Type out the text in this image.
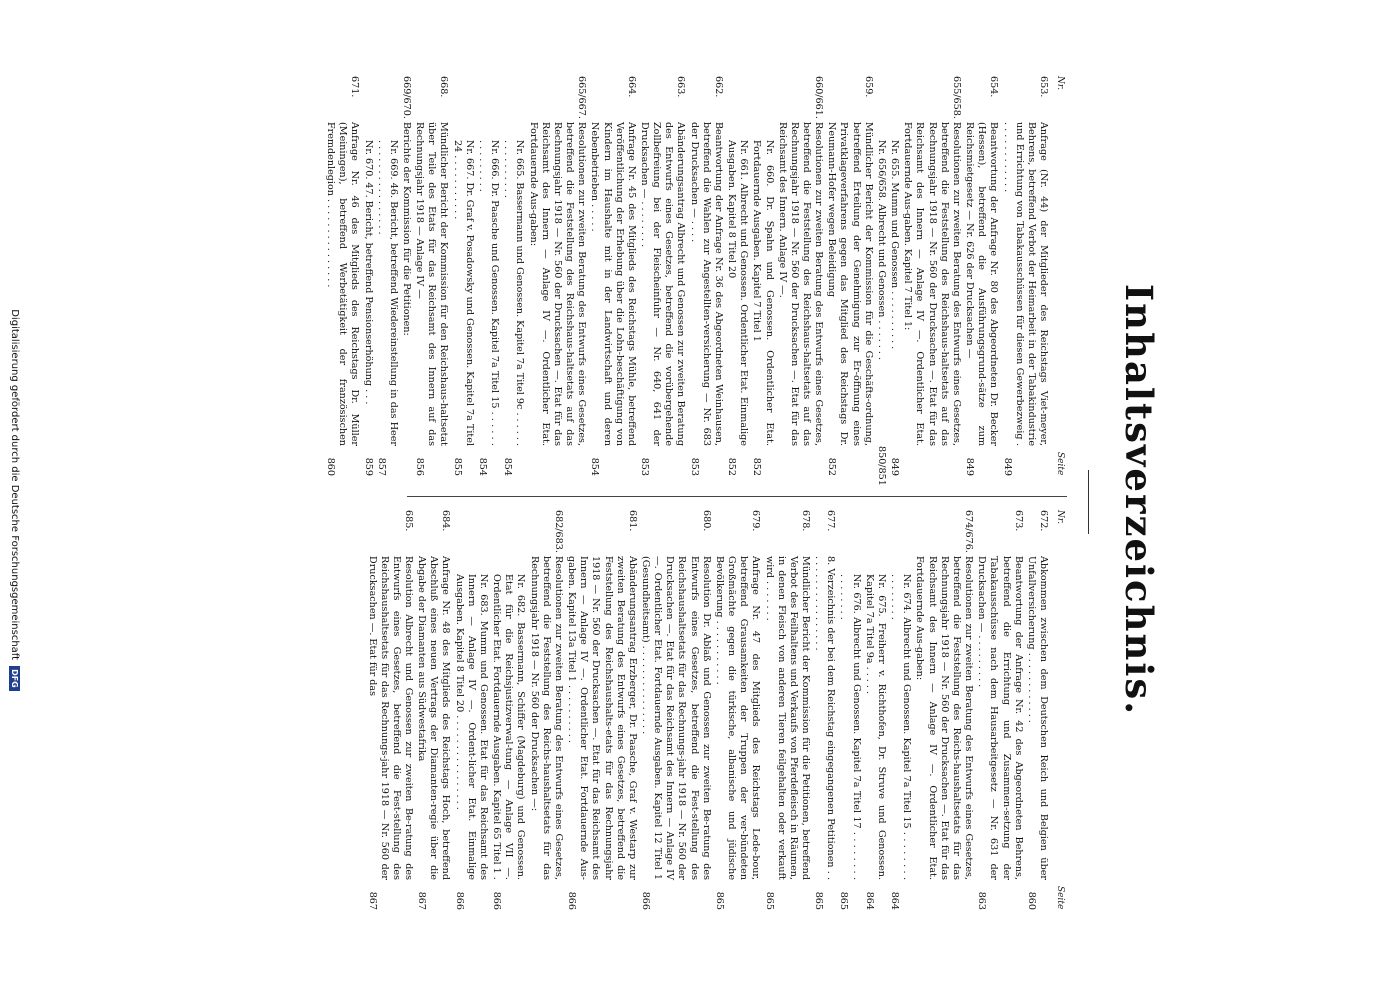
Inhaltsverzeichnis.
Nr.
Seite
Nr.
Seite
653.
Anfrage (Nr. 44) der Mitglieder des Reichstags Viet-meyer, Behrens, betreffend Verbot der Heimarbeit in der Tabakindustrie und Errichtung von Tabakausschüssen für diesen Gewerbezweig . . . . . . . . . . . . .
849
654.
Beantwortung der Anfrage Nr. 80 des Abgeordneten Dr. Becker (Hessen), betreffend die Ausführungsgrund-sätze zum Reichsmietgesetz — Nr. 626 der Drucksachen —
849
655/658.
Resolutionen zur zweiten Beratung des Entwurfs eines Gesetzes, betreffend die Feststellung des Reichshaus-haltsetats auf das Rechnungsjahr 1918 — Nr. 560 der Drucksachen —. Etat für das Reichsamt des Innern — Anlage IV —. Ordentlicher Etat. Fortdauernde Aus-gaben. Kapitel 7 Titel 1:
Nr. 655. Mumm und Genossen . . . . . . . . . .
849
Nr. 656/658. Albrecht und Genossen . . . . . . .
850/851
659.
Mündlicher Bericht der Kommission für die Geschäfts-ordnung, betreffend Erteilung der Genehmigung zur Er-öffnung eines Privatklageverfahrens gegen das Mitglied des Reichstags Dr. Neumann-Hofer wegen Beleidigung
852
660/661.
Resolutionen zur zweiten Beratung des Entwurfs eines Gesetzes, betreffend die Feststellung des Reichshaus-haltsetats auf das Rechnungsjahr 1918 — Nr. 560 der Drucksachen —. Etat für das Reichsamt des Innern. Anlage IV —.
Nr. 660. Dr. Spahn und Genossen. Ordentlicher Etat. Fortdauernde Ausgaben. Kapitel 7 Titel 1
852
Nr. 661. Albrecht und Genossen. Ordentlicher Etat. Einmalige Ausgaben. Kapitel 8 Titel 20
852
662.
Beantwortung der Anfrage Nr. 36 des Abgeordneten Weinhausen, betreffend die Wahlen zur Angestellten-versicherung — Nr. 683 der Drucksachen — . . . .
853
663.
Abänderungsantrag Albrecht und Genossen zur zweiten Beratung des Entwurfs eines Gesetzes, betreffend die vorübergehende Zollbefreiung bei der Fleischeinfuhr — Nr. 640, 641 der Drucksachen — . . . . . . . .
853
664.
Anfrage Nr. 45 des Mitglieds des Reichstags Mühle, betreffend Veröffentlichung der Erhebung über die Lohn-beschäftigung von Kindern im Haushalte mit in der Landwirtschaft und deren Nebenbetrieben . . . . .
854
665/667.
Resolutionen zur zweiten Beratung des Entwurfs eines Gesetzes, betreffend die Feststellung des Reichshaus-haltsetats auf das Rechnungsjahr 1918 — Nr. 560 der Drucksachen —. Etat für das Reichsamt des Innern — Anlage IV —. Ordentlicher Etat. Fortdauernde Aus-gaben:
Nr. 665. Bassermann und Genossen. Kapitel 7a Titel 9c . . . . . . . . . . . . . . . .
854
Nr. 666. Dr. Paasche und Genossen. Kapitel 7a Titel 15 . . . . . . . . . . . . . . .
854
Nr. 667. Dr. Graf v. Posadowsky und Genossen. Kapitel 7a Titel 24 . . . . . . . . . . .
855
668.
Mündlicher Bericht der Kommission für den Reichshaus-haltsetat über Teile des Etats für das Reichsamt des Innern auf das Rechnungsjahr 1918 — Anlage IV —
856
669/670.
Berichte der Kommission für die Petitionen:
Nr. 669. 46. Bericht, betreffend Wiedereinstellung in das Heer . . . . . . . . . . . . . . . .
857
Nr. 670. 47. Bericht, betreffend Pensionserhöhung . . .
859
671.
Anfrage Nr. 46 des Mitglieds des Reichstags Dr. Müller (Meiningen), betreffend Werbetätigkeit der französischen Fremdenlegion . . . . . . . . . . . . . . .
860
672.
Abkommen zwischen dem Deutschen Reich und Belgien über Unfallversicherung . . . . . . . . . . . .
860
673.
Beantwortung der Anfrage Nr. 42 des Abgeordneten Behrens, betreffend die Errichtung und Zusammen-setzung der Tabakausschüsse nach dem Hausarbeitgesetz — Nr. 631 der Drucksachen — . . . . . . . . .
863
674/676.
Resolutionen zur zweiten Beratung des Entwurfs eines Gesetzes, betreffend die Feststellung des Reichs-haushaltsetats für das Rechnungsjahr 1918 — Nr. 560 der Drucksachen —. Etat für das Reichsamt des Innern — Anlage IV —. Ordentlicher Etat. Fortdauernde Aus-gaben:
Nr. 674. Albrecht und Genossen. Kapitel 7a Titel 15 . . . . . . . . . . . . . . . .
864
Nr. 675. Freiherr v. Richthofen, Dr. Struve und Genossen. Kapitel 7a Titel 9a . . . . .
864
Nr. 676. Albrecht und Genossen. Kapitel 7a Titel 17 . . . . . . . . . . . . . . . .
865
677.
8. Verzeichnis der bei dem Reichstag eingegangenen Petitionen . . . . . . . . . . . . . . . . . .
865
678.
Mündlicher Bericht der Kommission für die Petitionen, betreffend Verbot des Feilhaltens und Verkaufs von Pferdefleisch in Räumen, in denen Fleisch von anderen Tieren feilgehalten oder verkauft wird . . . . . . .
865
679.
Anfrage Nr. 47 des Mitglieds des Reichstags Lede-bour, betreffend Grausamkeiten der Truppen der ver-bündeten Großmächte gegen die türkische, albanische und jüdische Bevölkerung . . . . . . . . . . .
865
680.
Resolution Dr. Ablaß und Genossen zur zweiten Be-ratung des Entwurfs eines Gesetzes, betreffend die Fest-stellung des Reichshaushaltsetats für das Rechnungs-jahr 1918 — Nr. 560 der Drucksachen —. Etat für das Reichsamt des Innern — Anlage IV —. Ordentlicher Etat. Fortdauernde Ausgaben. Kapitel 12 Titel 1 (Gesundheitsamt) . . . . . . . . . . . . . . .
866
681.
Abänderungsantrag Erzberger, Dr. Paasche, Graf v. Westarp zur zweiten Beratung des Entwurfs eines Gesetzes, betreffend die Feststellung des Reichshaushalts-etats für das Rechnungsjahr 1918 — Nr. 560 der Drucksachen —. Etat für das Reichsamt des Innern — Anlage IV —. Ordentlicher Etat. Fortdauernde Aus-gaben. Kapitel 13a Titel 1 . . . . . . . . . .
866
682/683.
Resolutionen zur zweiten Beratung des Entwurfs eines Gesetzes, betreffend die Feststellung des Reichs-haushaltsetats für das Rechnungsjahr 1918 — Nr. 560 der Drucksachen —:
Nr. 682. Bassermann, Schiffer (Magdeburg) und Genossen. Etat für die Reichsjustizverwal-tung — Anlage VII —. Ordentlicher Etat. Fortdauernde Ausgaben. Kapitel 65 Titel 1 .
866
Nr. 683. Mumm und Genossen. Etat für das Reichsamt des Innern — Anlage IV —. Ordent-licher Etat. Einmalige Ausgaben. Kapitel 8 Titel 20 . . . . . . . . . . . . . . . .
866
684.
Anfrage Nr. 48 des Mitglieds des Reichstags Hoch, betreffend Abschluß eines neuen Vertrags der Diamanten-regie über die Abgabe der Diamanten aus Südwestafrika
867
685.
Resolution Albrecht und Genossen zur zweiten Be-ratung des Entwurfs eines Gesetzes, betreffend die Fest-stellung des Reichshaushaltsetats für das Rechnungs-jahr 1918 — Nr. 560 der Drucksachen —. Etat für das
867
Digitalisierung gefördert durch die Deutsche Forschungsgemeinschaft
DFG
